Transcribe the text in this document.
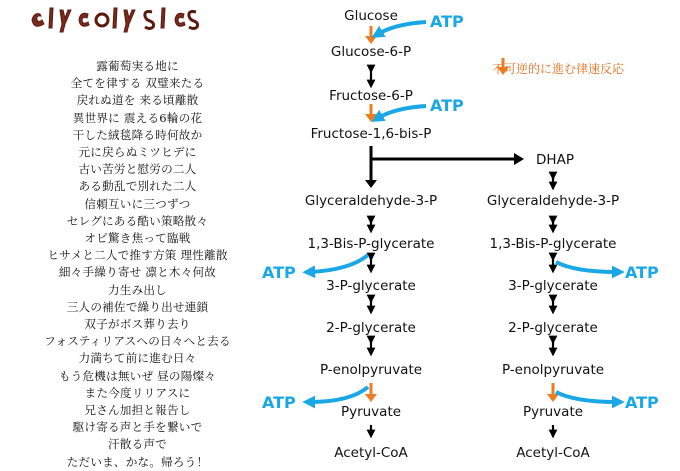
露葡萄実る地に
全てを律する 双璧来たる
戻れぬ道を 来る頃離散
異世界に 震える6輪の花
干した絨毯降る時何故か
元に戻らぬミツヒデに
古い苦労と慰労の二人
ある動乱で別れた二人
信頼互いに三つずつ
セレグにある酷い策略散々
オピ驚き焦って臨戦
ヒサメと二人で推す方策 理性離散
細々手繰り寄せ 凛と木々何故
力生み出し
三人の補佐で繰り出せ連鎖
双子がボス葬り去り
フォスティリアスへの日々へと去る
力満ちて前に進む日々
もう危機は無いぜ 昼の陽燦々
また今度リリアスに
兄さん加担と報告し
駆け寄る声と手を繋いで
汗散る声で
ただいま、かな。帰ろう！
不可逆的に進む律速反応
Glucose
Glucose-6-P
Fructose-6-P
Fructose-1,6-bis-P
Glyceraldehyde-3-P
1,3-Bis-P-glycerate
3-P-glycerate
2-P-glycerate
P-enolpyruvate
Pyruvate
Acetyl-CoA
DHAP
Glyceraldehyde-3-P
1,3-Bis-P-glycerate
3-P-glycerate
2-P-glycerate
P-enolpyruvate
Pyruvate
Acetyl-CoA
ATP
ATP
ATP
ATP
ATP
ATP
